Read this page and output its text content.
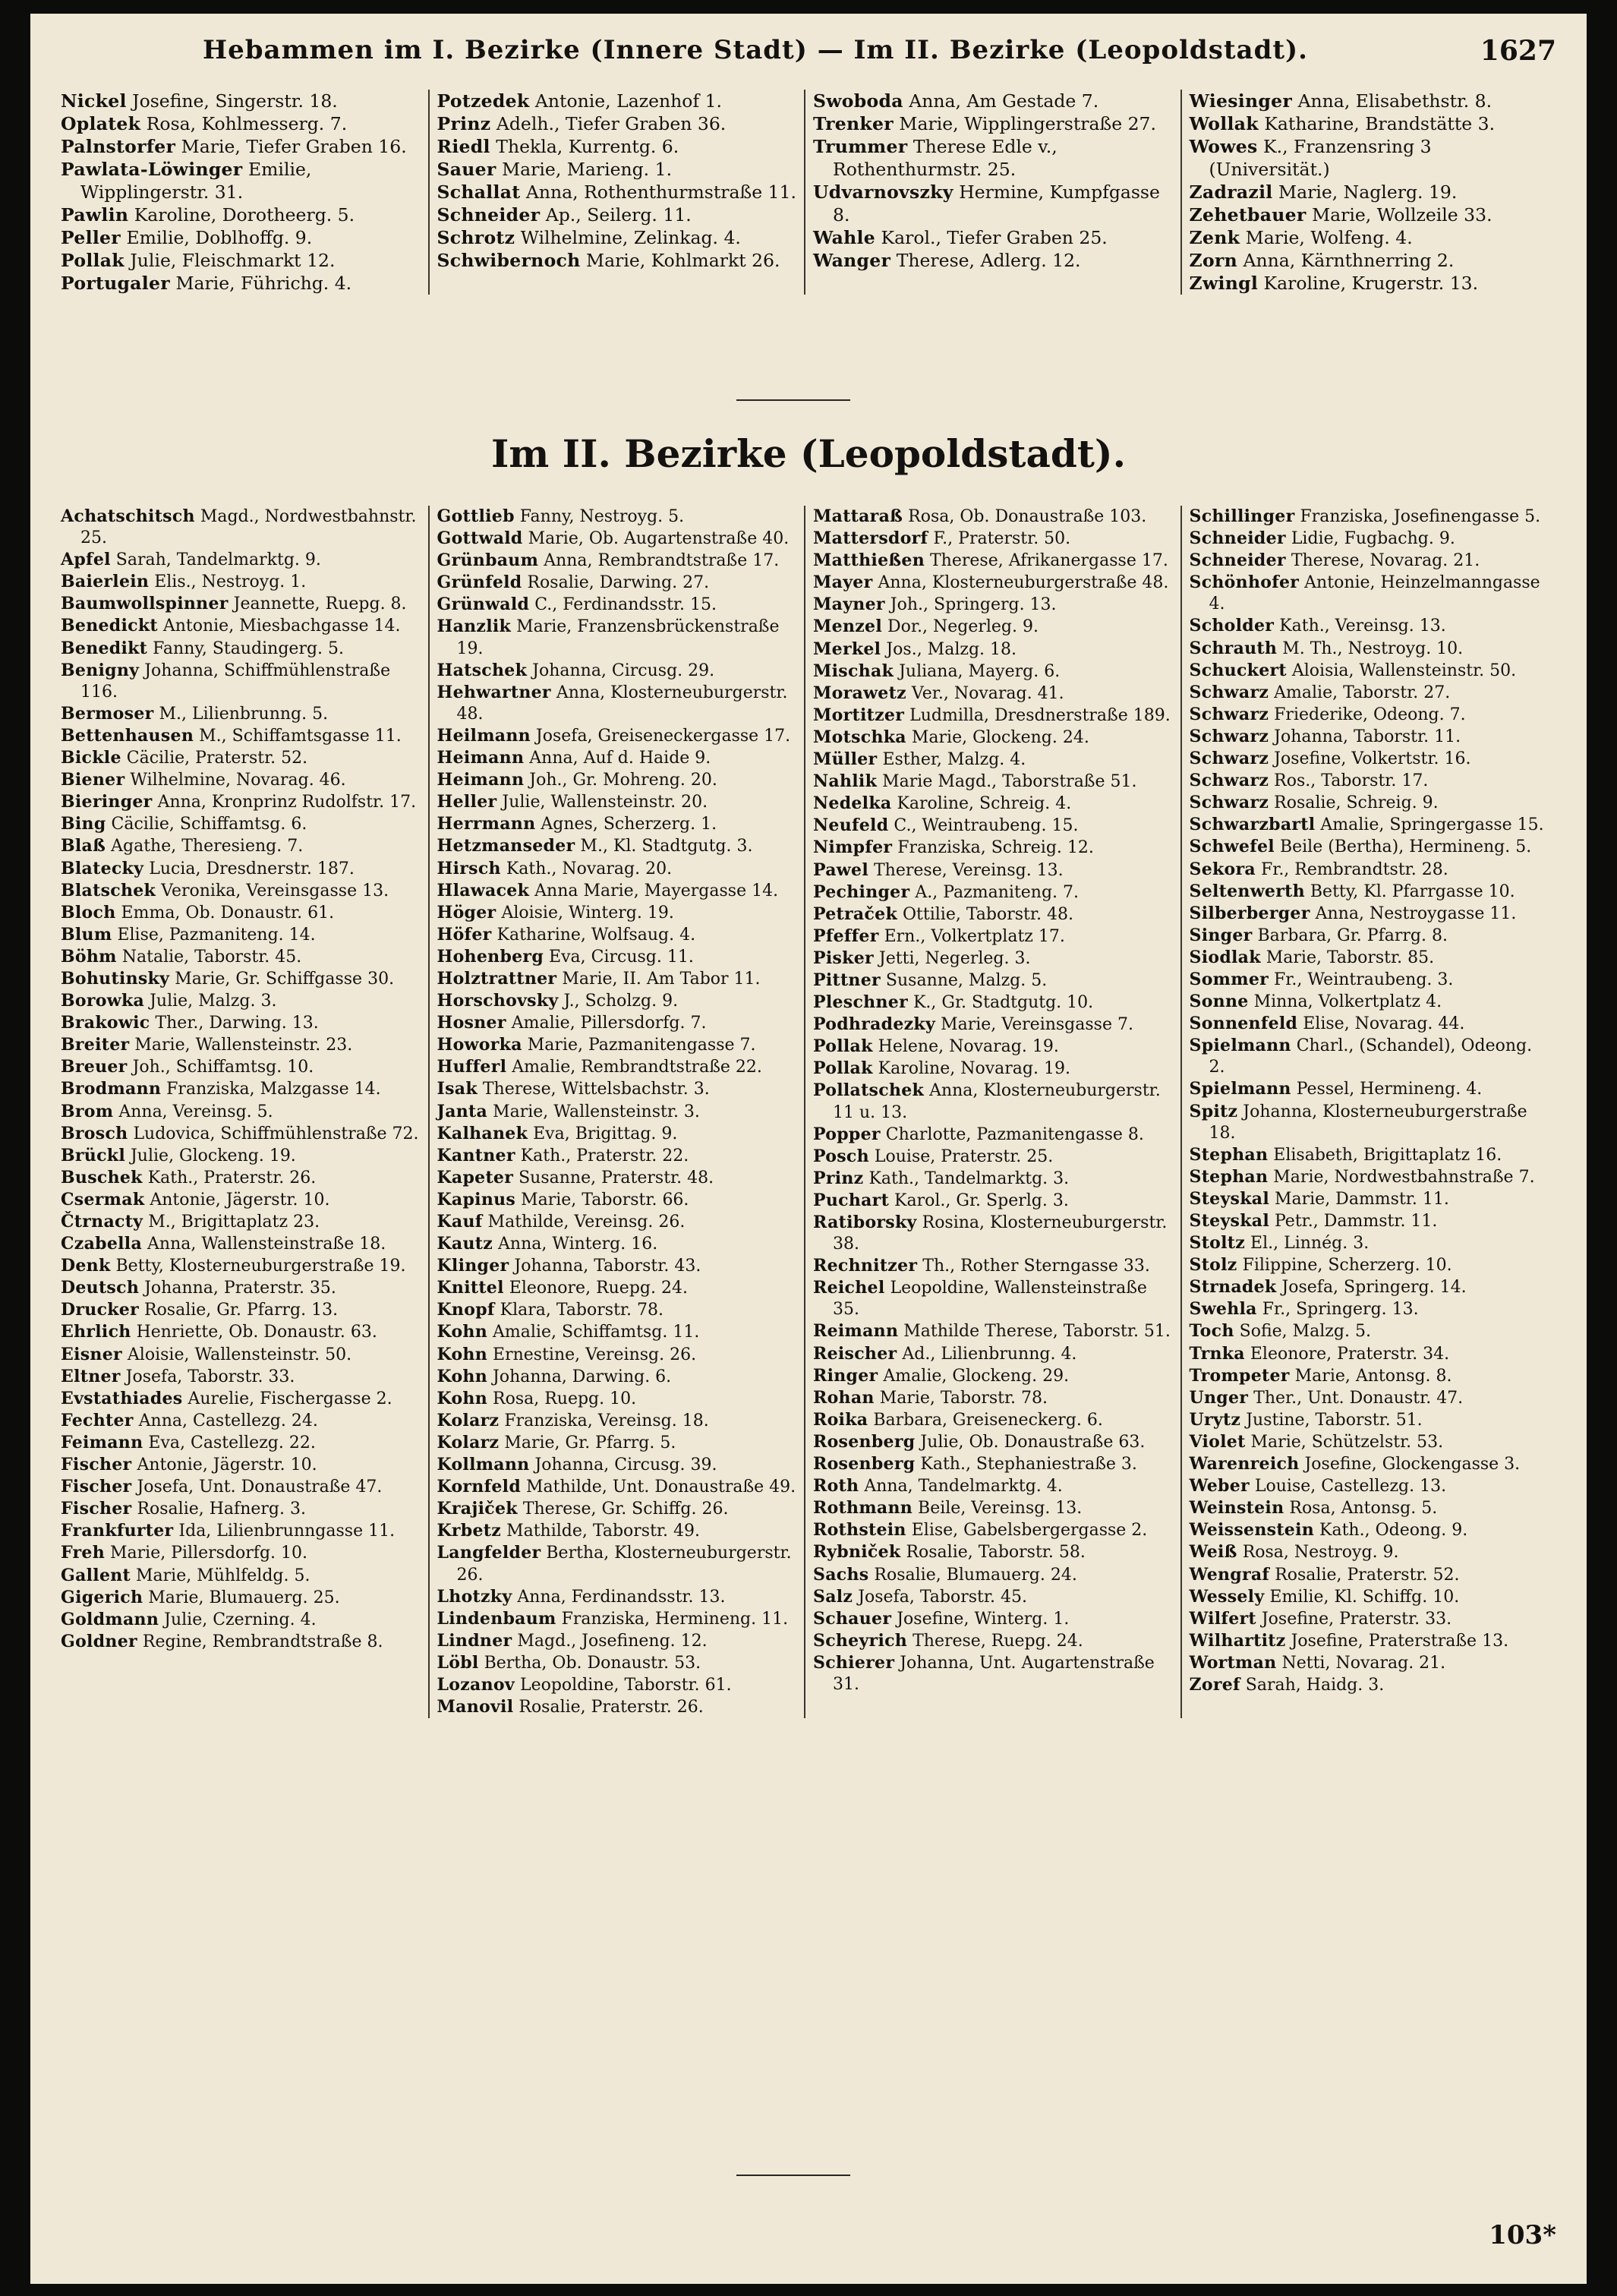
Hebammen im I. Bezirke (Innere Stadt) — Im II. Bezirke (Leopoldstadt).	1627

Nickel Josefine, Singerstr. 18.

Oplatek Rosa, Kohlmesserg. 7.

Palnstorfer Marie, Tiefer Graben 16.

Pawlata-Löwinger Emilie, Wipplingerstr. 31.

Pawlin Karoline, Dorotheerg. 5.

Peller Emilie, Doblhoffg. 9.

Pollak Julie, Fleischmarkt 12.

Portugaler Marie, Führichg. 4.

Potzedek Antonie, Lazenhof 1.

Prinz Adelh., Tiefer Graben 36.

Riedl Thekla, Kurrentg. 6.

Sauer Marie, Marieng. 1.

Schallat Anna, Rothenthurmstraße 11.

Schneider Ap., Seilerg. 11.

Schrotz Wilhelmine, Zelinkag. 4.

Schwibernoch Marie, Kohlmarkt 26.

Swoboda Anna, Am Gestade 7.

Trenker Marie, Wipplingerstraße 27.

Trummer Therese Edle v., Rothenthurmstr. 25.

Udvarnovszky Hermine, Kumpfgasse 8.

Wahle Karol., Tiefer Graben 25.

Wanger Therese, Adlerg. 12.

Wiesinger Anna, Elisabethstr. 8.

Wollak Katharine, Brandstätte 3.

Wowes K., Franzensring 3 (Universität.)

Zadrazil Marie, Naglerg. 19.

Zehetbauer Marie, Wollzeile 33.

Zenk Marie, Wolfeng. 4.

Zorn Anna, Kärnthnerring 2.

Zwingl Karoline, Krugerstr. 13.

Im II. Bezirke (Leopoldstadt).

Achatschitsch Magd., Nordwestbahnstr. 25.

Apfel Sarah, Tandelmarktg. 9.

Baierlein Elis., Nestroyg. 1.

Baumwollspinner Jeannette, Ruepg. 8.

Benedickt Antonie, Miesbachgasse 14.

Benedikt Fanny, Staudingerg. 5.

Benigny Johanna, Schiffmühlenstraße 116.

Bermoser M., Lilienbrunng. 5.

Bettenhausen M., Schiffamtsgasse 11.

Bickle Cäcilie, Praterstr. 52.

Biener Wilhelmine, Novarag. 46.

Bieringer Anna, Kronprinz Rudolfstr. 17.

Bing Cäcilie, Schiffamtsg. 6.

Blaß Agathe, Theresieng. 7.

Blatecky Lucia, Dresdnerstr. 187.

Blatschek Veronika, Vereinsgasse 13.

Bloch Emma, Ob. Donaustr. 61.

Blum Elise, Pazmaniteng. 14.

Böhm Natalie, Taborstr. 45.

Bohutinsky Marie, Gr. Schiffgasse 30.

Borowka Julie, Malzg. 3.

Brakowic Ther., Darwing. 13.

Breiter Marie, Wallensteinstr. 23.

Breuer Joh., Schiffamtsg. 10.

Brodmann Franziska, Malzgasse 14.

Brom Anna, Vereinsg. 5.

Brosch Ludovica, Schiffmühlenstraße 72.

Brückl Julie, Glockeng. 19.

Buschek Kath., Praterstr. 26.

Csermak Antonie, Jägerstr. 10.

Čtrnacty M., Brigittaplatz 23.

Czabella Anna, Wallensteinstraße 18.

Denk Betty, Klosterneuburgerstraße 19.

Deutsch Johanna, Praterstr. 35.

Drucker Rosalie, Gr. Pfarrg. 13.

Ehrlich Henriette, Ob. Donaustr. 63.

Eisner Aloisie, Wallensteinstr. 50.

Eltner Josefa, Taborstr. 33.

Evstathiades Aurelie, Fischergasse 2.

Fechter Anna, Castellezg. 24.

Feimann Eva, Castellezg. 22.

Fischer Antonie, Jägerstr. 10.

Fischer Josefa, Unt. Donaustraße 47.

Fischer Rosalie, Hafnerg. 3.

Frankfurter Ida, Lilienbrunngasse 11.

Freh Marie, Pillersdorfg. 10.

Gallent Marie, Mühlfeldg. 5.

Gigerich Marie, Blumauerg. 25.

Goldmann Julie, Czerning. 4.

Goldner Regine, Rembrandtstraße 8.

Gottlieb Fanny, Nestroyg. 5.

Gottwald Marie, Ob. Augartenstraße 40.

Grünbaum Anna, Rembrandtstraße 17.

Grünfeld Rosalie, Darwing. 27.

Grünwald C., Ferdinandsstr. 15.

Hanzlik Marie, Franzensbrückenstraße 19.

Hatschek Johanna, Circusg. 29.

Hehwartner Anna, Klosterneuburgerstr. 48.

Heilmann Josefa, Greiseneckergasse 17.

Heimann Anna, Auf d. Haide 9.

Heimann Joh., Gr. Mohreng. 20.

Heller Julie, Wallensteinstr. 20.

Herrmann Agnes, Scherzerg. 1.

Hetzmanseder M., Kl. Stadtgutg. 3.

Hirsch Kath., Novarag. 20.

Hlawacek Anna Marie, Mayergasse 14.

Höger Aloisie, Winterg. 19.

Höfer Katharine, Wolfsaug. 4.

Hohenberg Eva, Circusg. 11.

Holztrattner Marie, II. Am Tabor 11.

Horschovsky J., Scholzg. 9.

Hosner Amalie, Pillersdorfg. 7.

Howorka Marie, Pazmanitengasse 7.

Hufferl Amalie, Rembrandtstraße 22.

Isak Therese, Wittelsbachstr. 3.

Janta Marie, Wallensteinstr. 3.

Kalhanek Eva, Brigittag. 9.

Kantner Kath., Praterstr. 22.

Kapeter Susanne, Praterstr. 48.

Kapinus Marie, Taborstr. 66.

Kauf Mathilde, Vereinsg. 26.

Kautz Anna, Winterg. 16.

Klinger Johanna, Taborstr. 43.

Knittel Eleonore, Ruepg. 24.

Knopf Klara, Taborstr. 78.

Kohn Amalie, Schiffamtsg. 11.

Kohn Ernestine, Vereinsg. 26.

Kohn Johanna, Darwing. 6.

Kohn Rosa, Ruepg. 10.

Kolarz Franziska, Vereinsg. 18.

Kolarz Marie, Gr. Pfarrg. 5.

Kollmann Johanna, Circusg. 39.

Kornfeld Mathilde, Unt. Donaustraße 49.

Krajiček Therese, Gr. Schiffg. 26.

Krbetz Mathilde, Taborstr. 49.

Langfelder Bertha, Klosterneuburgerstr. 26.

Lhotzky Anna, Ferdinandsstr. 13.

Lindenbaum Franziska, Hermineng. 11.

Lindner Magd., Josefineng. 12.

Löbl Bertha, Ob. Donaustr. 53.

Lozanov Leopoldine, Taborstr. 61.

Manovil Rosalie, Praterstr. 26.

Mattaraß Rosa, Ob. Donaustraße 103.

Mattersdorf F., Praterstr. 50.

Matthießen Therese, Afrikanergasse 17.

Mayer Anna, Klosterneuburgerstraße 48.

Mayner Joh., Springerg. 13.

Menzel Dor., Negerleg. 9.

Merkel Jos., Malzg. 18.

Mischak Juliana, Mayerg. 6.

Morawetz Ver., Novarag. 41.

Mortitzer Ludmilla, Dresdnerstraße 189.

Motschka Marie, Glockeng. 24.

Müller Esther, Malzg. 4.

Nahlik Marie Magd., Taborstraße 51.

Nedelka Karoline, Schreig. 4.

Neufeld C., Weintraubeng. 15.

Nimpfer Franziska, Schreig. 12.

Pawel Therese, Vereinsg. 13.

Pechinger A., Pazmaniteng. 7.

Petraček Ottilie, Taborstr. 48.

Pfeffer Ern., Volkertplatz 17.

Pisker Jetti, Negerleg. 3.

Pittner Susanne, Malzg. 5.

Pleschner K., Gr. Stadtgutg. 10.

Podhradezky Marie, Vereinsgasse 7.

Pollak Helene, Novarag. 19.

Pollak Karoline, Novarag. 19.

Pollatschek Anna, Klosterneuburgerstr. 11 u. 13.

Popper Charlotte, Pazmanitengasse 8.

Posch Louise, Praterstr. 25.

Prinz Kath., Tandelmarktg. 3.

Puchart Karol., Gr. Sperlg. 3.

Ratiborsky Rosina, Klosterneuburgerstr. 38.

Rechnitzer Th., Rother Sterngasse 33.

Reichel Leopoldine, Wallensteinstraße 35.

Reimann Mathilde Therese, Taborstr. 51.

Reischer Ad., Lilienbrunng. 4.

Ringer Amalie, Glockeng. 29.

Rohan Marie, Taborstr. 78.

Roika Barbara, Greiseneckerg. 6.

Rosenberg Julie, Ob. Donaustraße 63.

Rosenberg Kath., Stephaniestraße 3.

Roth Anna, Tandelmarktg. 4.

Rothmann Beile, Vereinsg. 13.

Rothstein Elise, Gabelsbergergasse 2.

Rybniček Rosalie, Taborstr. 58.

Sachs Rosalie, Blumauerg. 24.

Salz Josefa, Taborstr. 45.

Schauer Josefine, Winterg. 1.

Scheyrich Therese, Ruepg. 24.

Schierer Johanna, Unt. Augartenstraße 31.

Schillinger Franziska, Josefinengasse 5.

Schneider Lidie, Fugbachg. 9.

Schneider Therese, Novarag. 21.

Schönhofer Antonie, Heinzelmanngasse 4.

Scholder Kath., Vereinsg. 13.

Schrauth M. Th., Nestroyg. 10.

Schuckert Aloisia, Wallensteinstr. 50.

Schwarz Amalie, Taborstr. 27.

Schwarz Friederike, Odeong. 7.

Schwarz Johanna, Taborstr. 11.

Schwarz Josefine, Volkertstr. 16.

Schwarz Ros., Taborstr. 17.

Schwarz Rosalie, Schreig. 9.

Schwarzbartl Amalie, Springergasse 15.

Schwefel Beile (Bertha), Hermineng. 5.

Sekora Fr., Rembrandtstr. 28.

Seltenwerth Betty, Kl. Pfarrgasse 10.

Silberberger Anna, Nestroygasse 11.

Singer Barbara, Gr. Pfarrg. 8.

Siodlak Marie, Taborstr. 85.

Sommer Fr., Weintraubeng. 3.

Sonne Minna, Volkertplatz 4.

Sonnenfeld Elise, Novarag. 44.

Spielmann Charl., (Schandel), Odeong. 2.

Spielmann Pessel, Hermineng. 4.

Spitz Johanna, Klosterneuburgerstraße 18.

Stephan Elisabeth, Brigittaplatz 16.

Stephan Marie, Nordwestbahnstraße 7.

Steyskal Marie, Dammstr. 11.

Steyskal Petr., Dammstr. 11.

Stoltz El., Linnég. 3.

Stolz Filippine, Scherzerg. 10.

Strnadek Josefa, Springerg. 14.

Swehla Fr., Springerg. 13.

Toch Sofie, Malzg. 5.

Trnka Eleonore, Praterstr. 34.

Trompeter Marie, Antonsg. 8.

Unger Ther., Unt. Donaustr. 47.

Urytz Justine, Taborstr. 51.

Violet Marie, Schützelstr. 53.

Warenreich Josefine, Glockengasse 3.

Weber Louise, Castellezg. 13.

Weinstein Rosa, Antonsg. 5.

Weissenstein Kath., Odeong. 9.

Weiß Rosa, Nestroyg. 9.

Wengraf Rosalie, Praterstr. 52.

Wessely Emilie, Kl. Schiffg. 10.

Wilfert Josefine, Praterstr. 33.

Wilhartitz Josefine, Praterstraße 13.

Wortman Netti, Novarag. 21.

Zoref Sarah, Haidg. 3.

103*
